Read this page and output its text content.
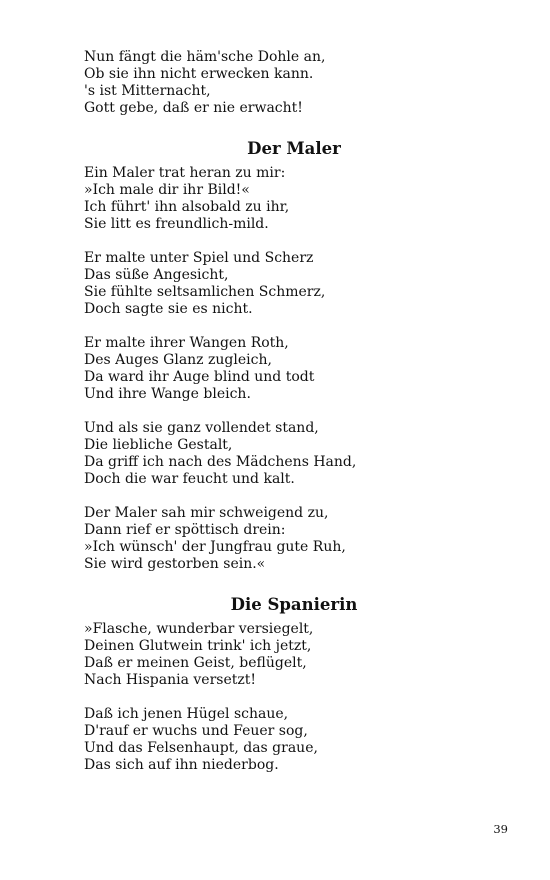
Nun fängt die häm'sche Dohle an,
Ob sie ihn nicht erwecken kann.
's ist Mitternacht,
Gott gebe, daß er nie erwacht!
Der Maler
Ein Maler trat heran zu mir:
»Ich male dir ihr Bild!«
Ich führt' ihn alsobald zu ihr,
Sie litt es freundlich-mild.
Er malte unter Spiel und Scherz
Das süße Angesicht,
Sie fühlte seltsamlichen Schmerz,
Doch sagte sie es nicht.
Er malte ihrer Wangen Roth,
Des Auges Glanz zugleich,
Da ward ihr Auge blind und todt
Und ihre Wange bleich.
Und als sie ganz vollendet stand,
Die liebliche Gestalt,
Da griff ich nach des Mädchens Hand,
Doch die war feucht und kalt.
Der Maler sah mir schweigend zu,
Dann rief er spöttisch drein:
»Ich wünsch' der Jungfrau gute Ruh,
Sie wird gestorben sein.«
Die Spanierin
»Flasche, wunderbar versiegelt,
Deinen Glutwein trink' ich jetzt,
Daß er meinen Geist, beflügelt,
Nach Hispania versetzt!
Daß ich jenen Hügel schaue,
D'rauf er wuchs und Feuer sog,
Und das Felsenhaupt, das graue,
Das sich auf ihn niederbog.
39
